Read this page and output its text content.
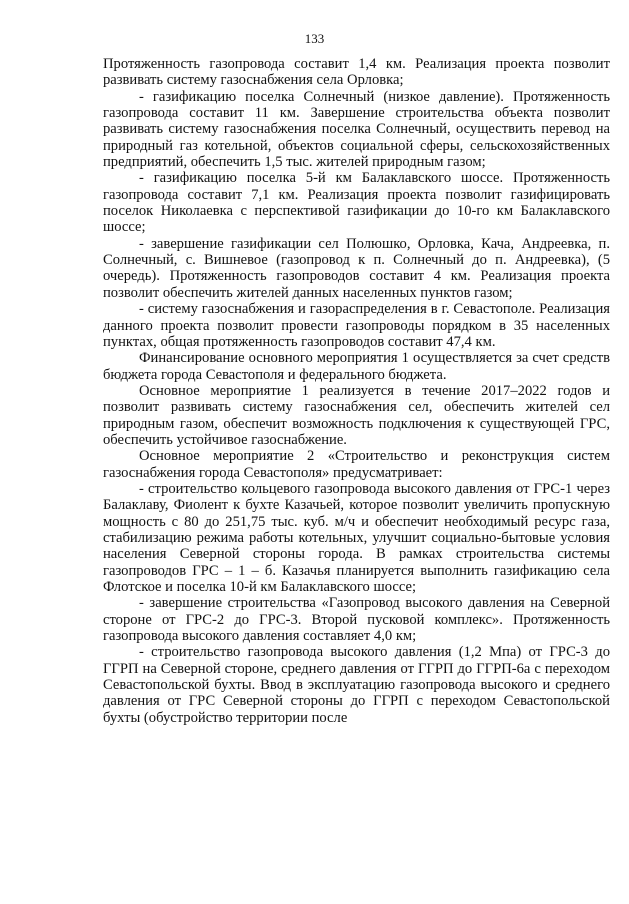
133

Протяженность газопровода составит 1,4 км. Реализация проекта позволит развивать систему газоснабжения села Орловка;

- газификацию поселка Солнечный (низкое давление). Протяженность газопровода составит 11 км. Завершение строительства объекта позволит развивать систему газоснабжения поселка Солнечный, осуществить перевод на природный газ котельной, объектов социальной сферы, сельскохозяйственных предприятий, обеспечить 1,5 тыс. жителей природным газом;

- газификацию поселка 5-й км Балаклавского шоссе. Протяженность газопровода составит 7,1 км. Реализация проекта позволит газифицировать поселок Николаевка с перспективой газификации до 10-го км Балаклавского шоссе;

- завершение газификации сел Полюшко, Орловка, Кача, Андреевка, п. Солнечный, с. Вишневое (газопровод к п. Солнечный до п. Андреевка), (5 очередь). Протяженность газопроводов составит 4 км. Реализация проекта позволит обеспечить жителей данных населенных пунктов газом;

- систему газоснабжения и газораспределения в г. Севастополе. Реализация данного проекта позволит провести газопроводы порядком в 35 населенных пунктах, общая протяженность газопроводов составит 47,4 км.

Финансирование основного мероприятия 1 осуществляется за счет средств бюджета города Севастополя и федерального бюджета.

Основное мероприятие 1 реализуется в течение 2017–2022 годов и позволит развивать систему газоснабжения сел, обеспечить жителей сел природным газом, обеспечит возможность подключения к существующей ГРС, обеспечить устойчивое газоснабжение.

Основное мероприятие 2 «Строительство и реконструкция систем газоснабжения города Севастополя» предусматривает:

- строительство кольцевого газопровода высокого давления от ГРС-1 через Балаклаву, Фиолент к бухте Казачьей, которое позволит увеличить пропускную мощность с 80 до 251,75 тыс. куб. м/ч и обеспечит необходимый ресурс газа, стабилизацию режима работы котельных, улучшит социально-бытовые условия населения Северной стороны города. В рамках строительства системы газопроводов ГРС – 1 – б. Казачья планируется выполнить газификацию села Флотское и поселка 10-й км Балаклавского шоссе;

- завершение строительства «Газопровод высокого давления на Северной стороне от ГРС-2 до ГРС-3. Второй пусковой комплекс». Протяженность газопровода высокого давления составляет 4,0 км;

- строительство газопровода высокого давления (1,2 Мпа) от ГРС-3 до ГГРП на Северной стороне, среднего давления от ГГРП до ГГРП-6а с переходом Севастопольской бухты. Ввод в эксплуатацию газопровода высокого и среднего давления от ГРС Северной стороны до ГГРП с переходом Севастопольской бухты (обустройство территории после
